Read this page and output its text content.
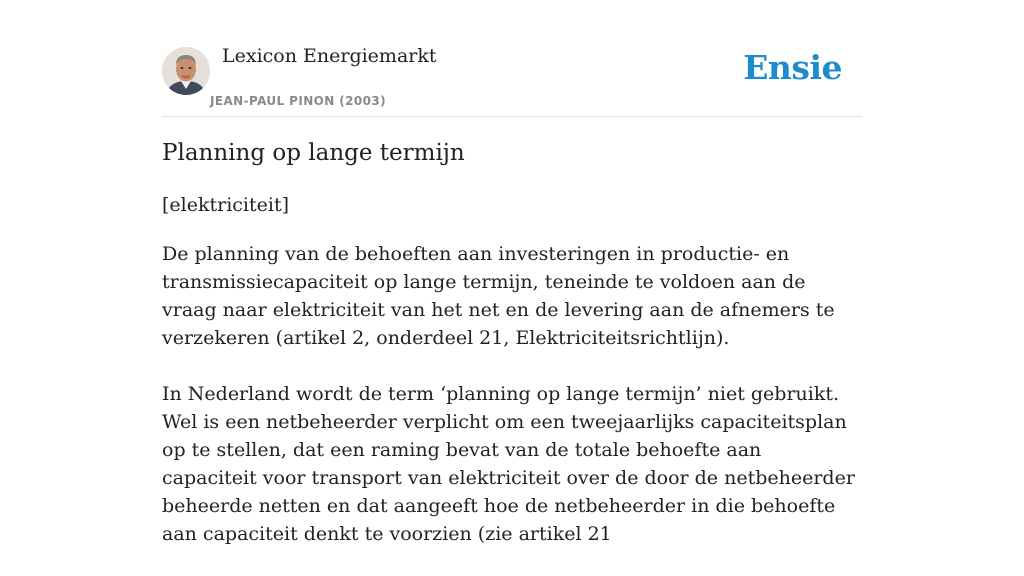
Lexicon Energiemarkt
JEAN-PAUL PINON (2003)
Ensie
Planning op lange termijn
[elektriciteit]

De planning van de behoeften aan investeringen in productie- en transmissiecapaciteit op lange termijn, teneinde te voldoen aan de vraag naar elektriciteit van het net en de levering aan de afnemers te verzekeren (artikel 2, onderdeel 21, Elektriciteitsrichtlijn).

In Nederland wordt de term ‘planning op lange termijn’ niet gebruikt. Wel is een netbeheerder verplicht om een tweejaarlijks capaciteitsplan op te stellen, dat een raming bevat van de totale behoefte aan capaciteit voor transport van elektriciteit over de door de netbeheerder beheerde netten en dat aangeeft hoe de netbeheerder in die behoefte aan capaciteit denkt te voorzien (zie artikel 21
